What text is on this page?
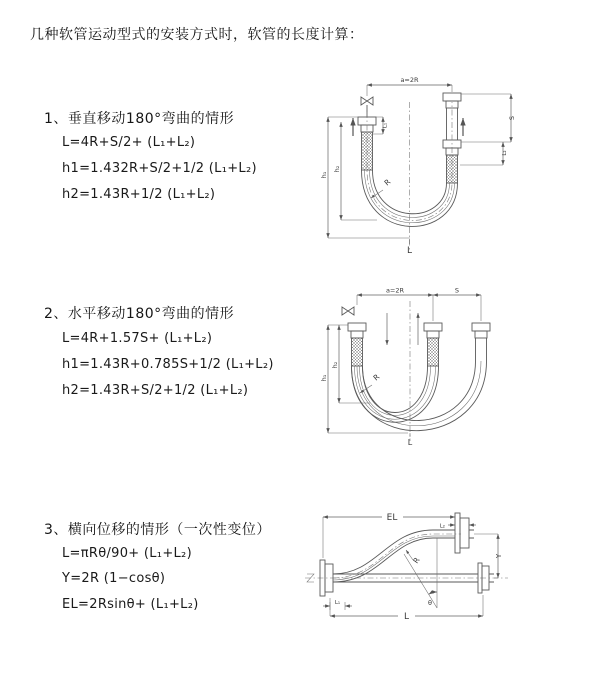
几种软管运动型式的安装方式时，软管的长度计算：
1、垂直移动180°弯曲的情形
L=4R+S/2+ (L₁+L₂)
h1=1.432R+S/2+1/2 (L₁+L₂)
h2=1.43R+1/2 (L₁+L₂)
2、水平移动180°弯曲的情形
L=4R+1.57S+ (L₁+L₂)
h1=1.43R+0.785S+1/2 (L₁+L₂)
h2=1.43R+S/2+1/2 (L₁+L₂)
3、横向位移的情形（一次性变位）
L=πRθ/90+ (L₁+L₂)
Y=2R (1−cosθ)
EL=2Rsinθ+ (L₁+L₂)
a=2R
h₁
h₂
L₁
S
L₂
R
L
a=2R	S
h₁
h₂
R
L
EL
L₂
Y
θ
R
L₁
L
